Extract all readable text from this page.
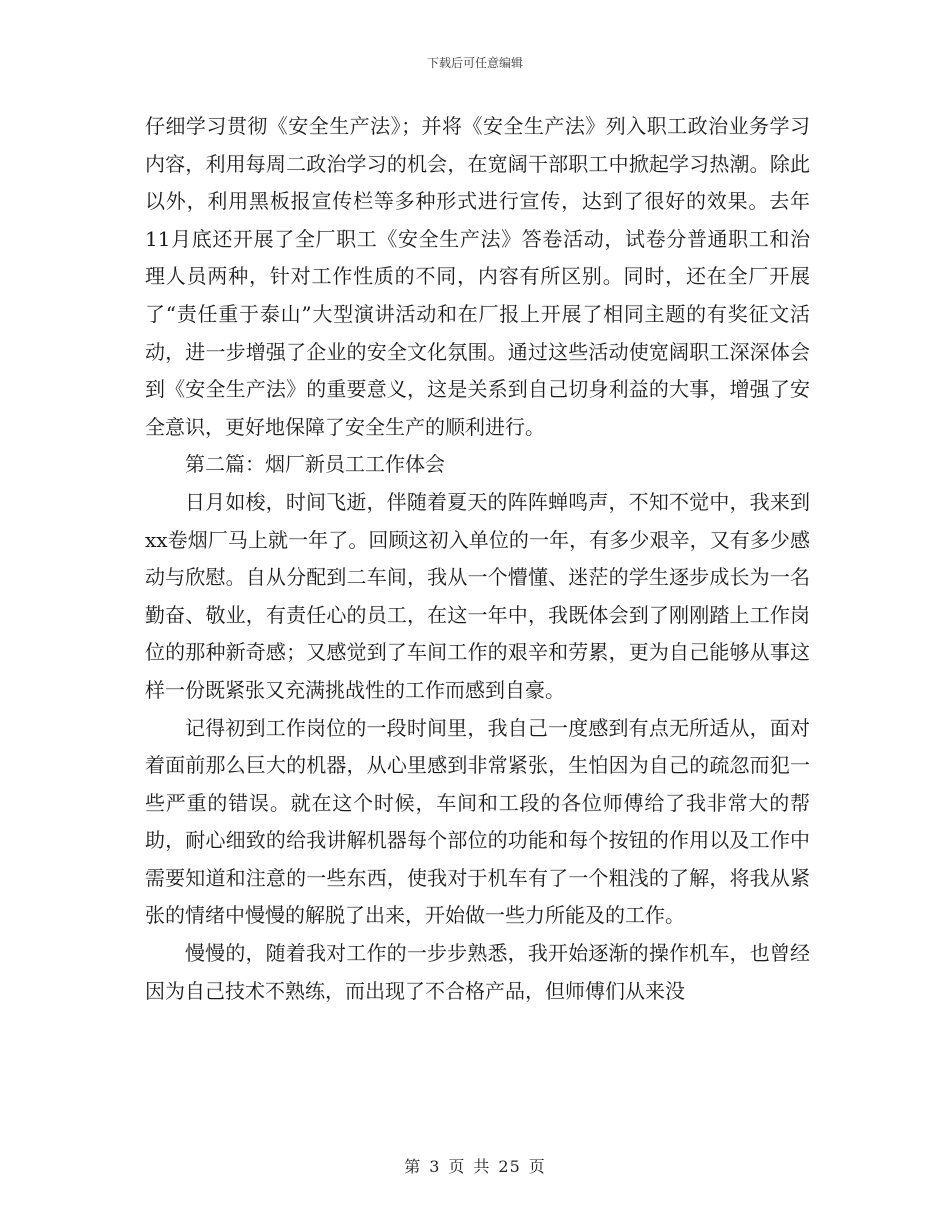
下载后可任意编辑

仔细学习贯彻《安全生产法》；并将《安全生产法》列入职工政治业务学习内容，利用每周二政治学习的机会，在宽阔干部职工中掀起学习热潮。除此以外，利用黑板报宣传栏等多种形式进行宣传，达到了很好的效果。去年11月底还开展了全厂职工《安全生产法》答卷活动，试卷分普通职工和治理人员两种，针对工作性质的不同，内容有所区别。同时，还在全厂开展了“责任重于泰山”大型演讲活动和在厂报上开展了相同主题的有奖征文活动，进一步增强了企业的安全文化氛围。通过这些活动使宽阔职工深深体会到《安全生产法》的重要意义，这是关系到自己切身利益的大事，增强了安全意识，更好地保障了安全生产的顺利进行。

第二篇：烟厂新员工工作体会

日月如梭，时间飞逝，伴随着夏天的阵阵蝉鸣声，不知不觉中，我来到xx卷烟厂马上就一年了。回顾这初入单位的一年，有多少艰辛，又有多少感动与欣慰。自从分配到二车间，我从一个懵懂、迷茫的学生逐步成长为一名勤奋、敬业，有责任心的员工，在这一年中，我既体会到了刚刚踏上工作岗位的那种新奇感；又感觉到了车间工作的艰辛和劳累，更为自己能够从事这样一份既紧张又充满挑战性的工作而感到自豪。

记得初到工作岗位的一段时间里，我自己一度感到有点无所适从，面对着面前那么巨大的机器，从心里感到非常紧张，生怕因为自己的疏忽而犯一些严重的错误。就在这个时候，车间和工段的各位师傅给了我非常大的帮助，耐心细致的给我讲解机器每个部位的功能和每个按钮的作用以及工作中需要知道和注意的一些东西，使我对于机车有了一个粗浅的了解，将我从紧张的情绪中慢慢的解脱了出来，开始做一些力所能及的工作。

慢慢的，随着我对工作的一步步熟悉，我开始逐渐的操作机车，也曾经因为自己技术不熟练，而出现了不合格产品，但师傅们从来没

第 3 页 共 25 页
